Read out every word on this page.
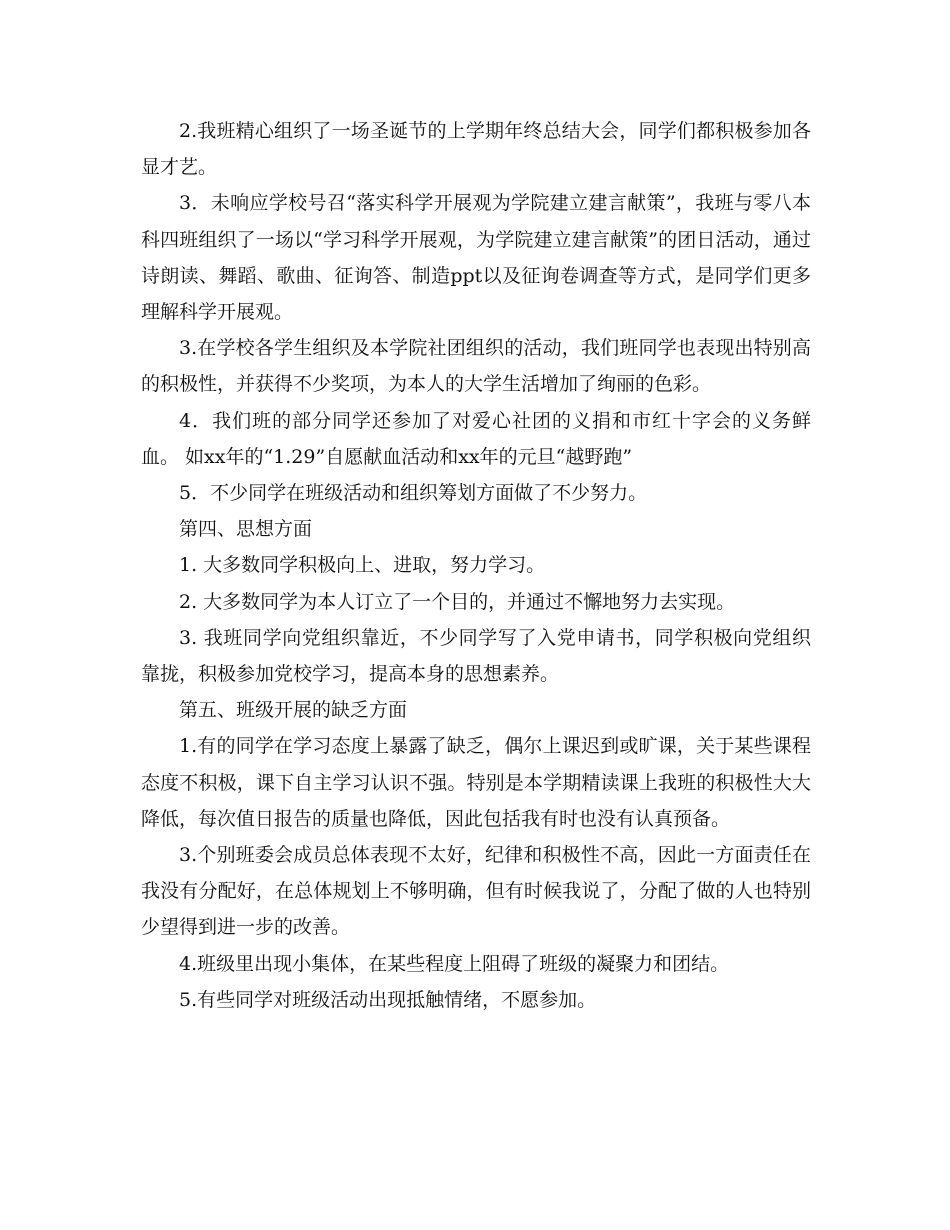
2.我班精心组织了一场圣诞节的上学期年终总结大会，同学们都积极参加各显才艺。

3．未响应学校号召“落实科学开展观为学院建立建言献策”，我班与零八本科四班组织了一场以“学习科学开展观，为学院建立建言献策”的团日活动，通过诗朗读、舞蹈、歌曲、征询答、制造ppt以及征询卷调查等方式，是同学们更多理解科学开展观。

3.在学校各学生组织及本学院社团组织的活动，我们班同学也表现出特别高的积极性，并获得不少奖项，为本人的大学生活增加了绚丽的色彩。

4．我们班的部分同学还参加了对爱心社团的义捐和市红十字会的义务鲜血。 如xx年的“1.29”自愿献血活动和xx年的元旦“越野跑”

5．不少同学在班级活动和组织筹划方面做了不少努力。

第四、思想方面

1. 大多数同学积极向上、进取，努力学习。

2. 大多数同学为本人订立了一个目的，并通过不懈地努力去实现。

3. 我班同学向党组织靠近，不少同学写了入党申请书，同学积极向党组织靠拢，积极参加党校学习，提高本身的思想素养。

第五、班级开展的缺乏方面

1.有的同学在学习态度上暴露了缺乏，偶尔上课迟到或旷课，关于某些课程态度不积极，课下自主学习认识不强。特别是本学期精读课上我班的积极性大大降低，每次值日报告的质量也降低，因此包括我有时也没有认真预备。

3.个别班委会成员总体表现不太好，纪律和积极性不高，因此一方面责任在我没有分配好，在总体规划上不够明确，但有时候我说了，分配了做的人也特别少望得到进一步的改善。

4.班级里出现小集体，在某些程度上阻碍了班级的凝聚力和团结。

5.有些同学对班级活动出现抵触情绪，不愿参加。
